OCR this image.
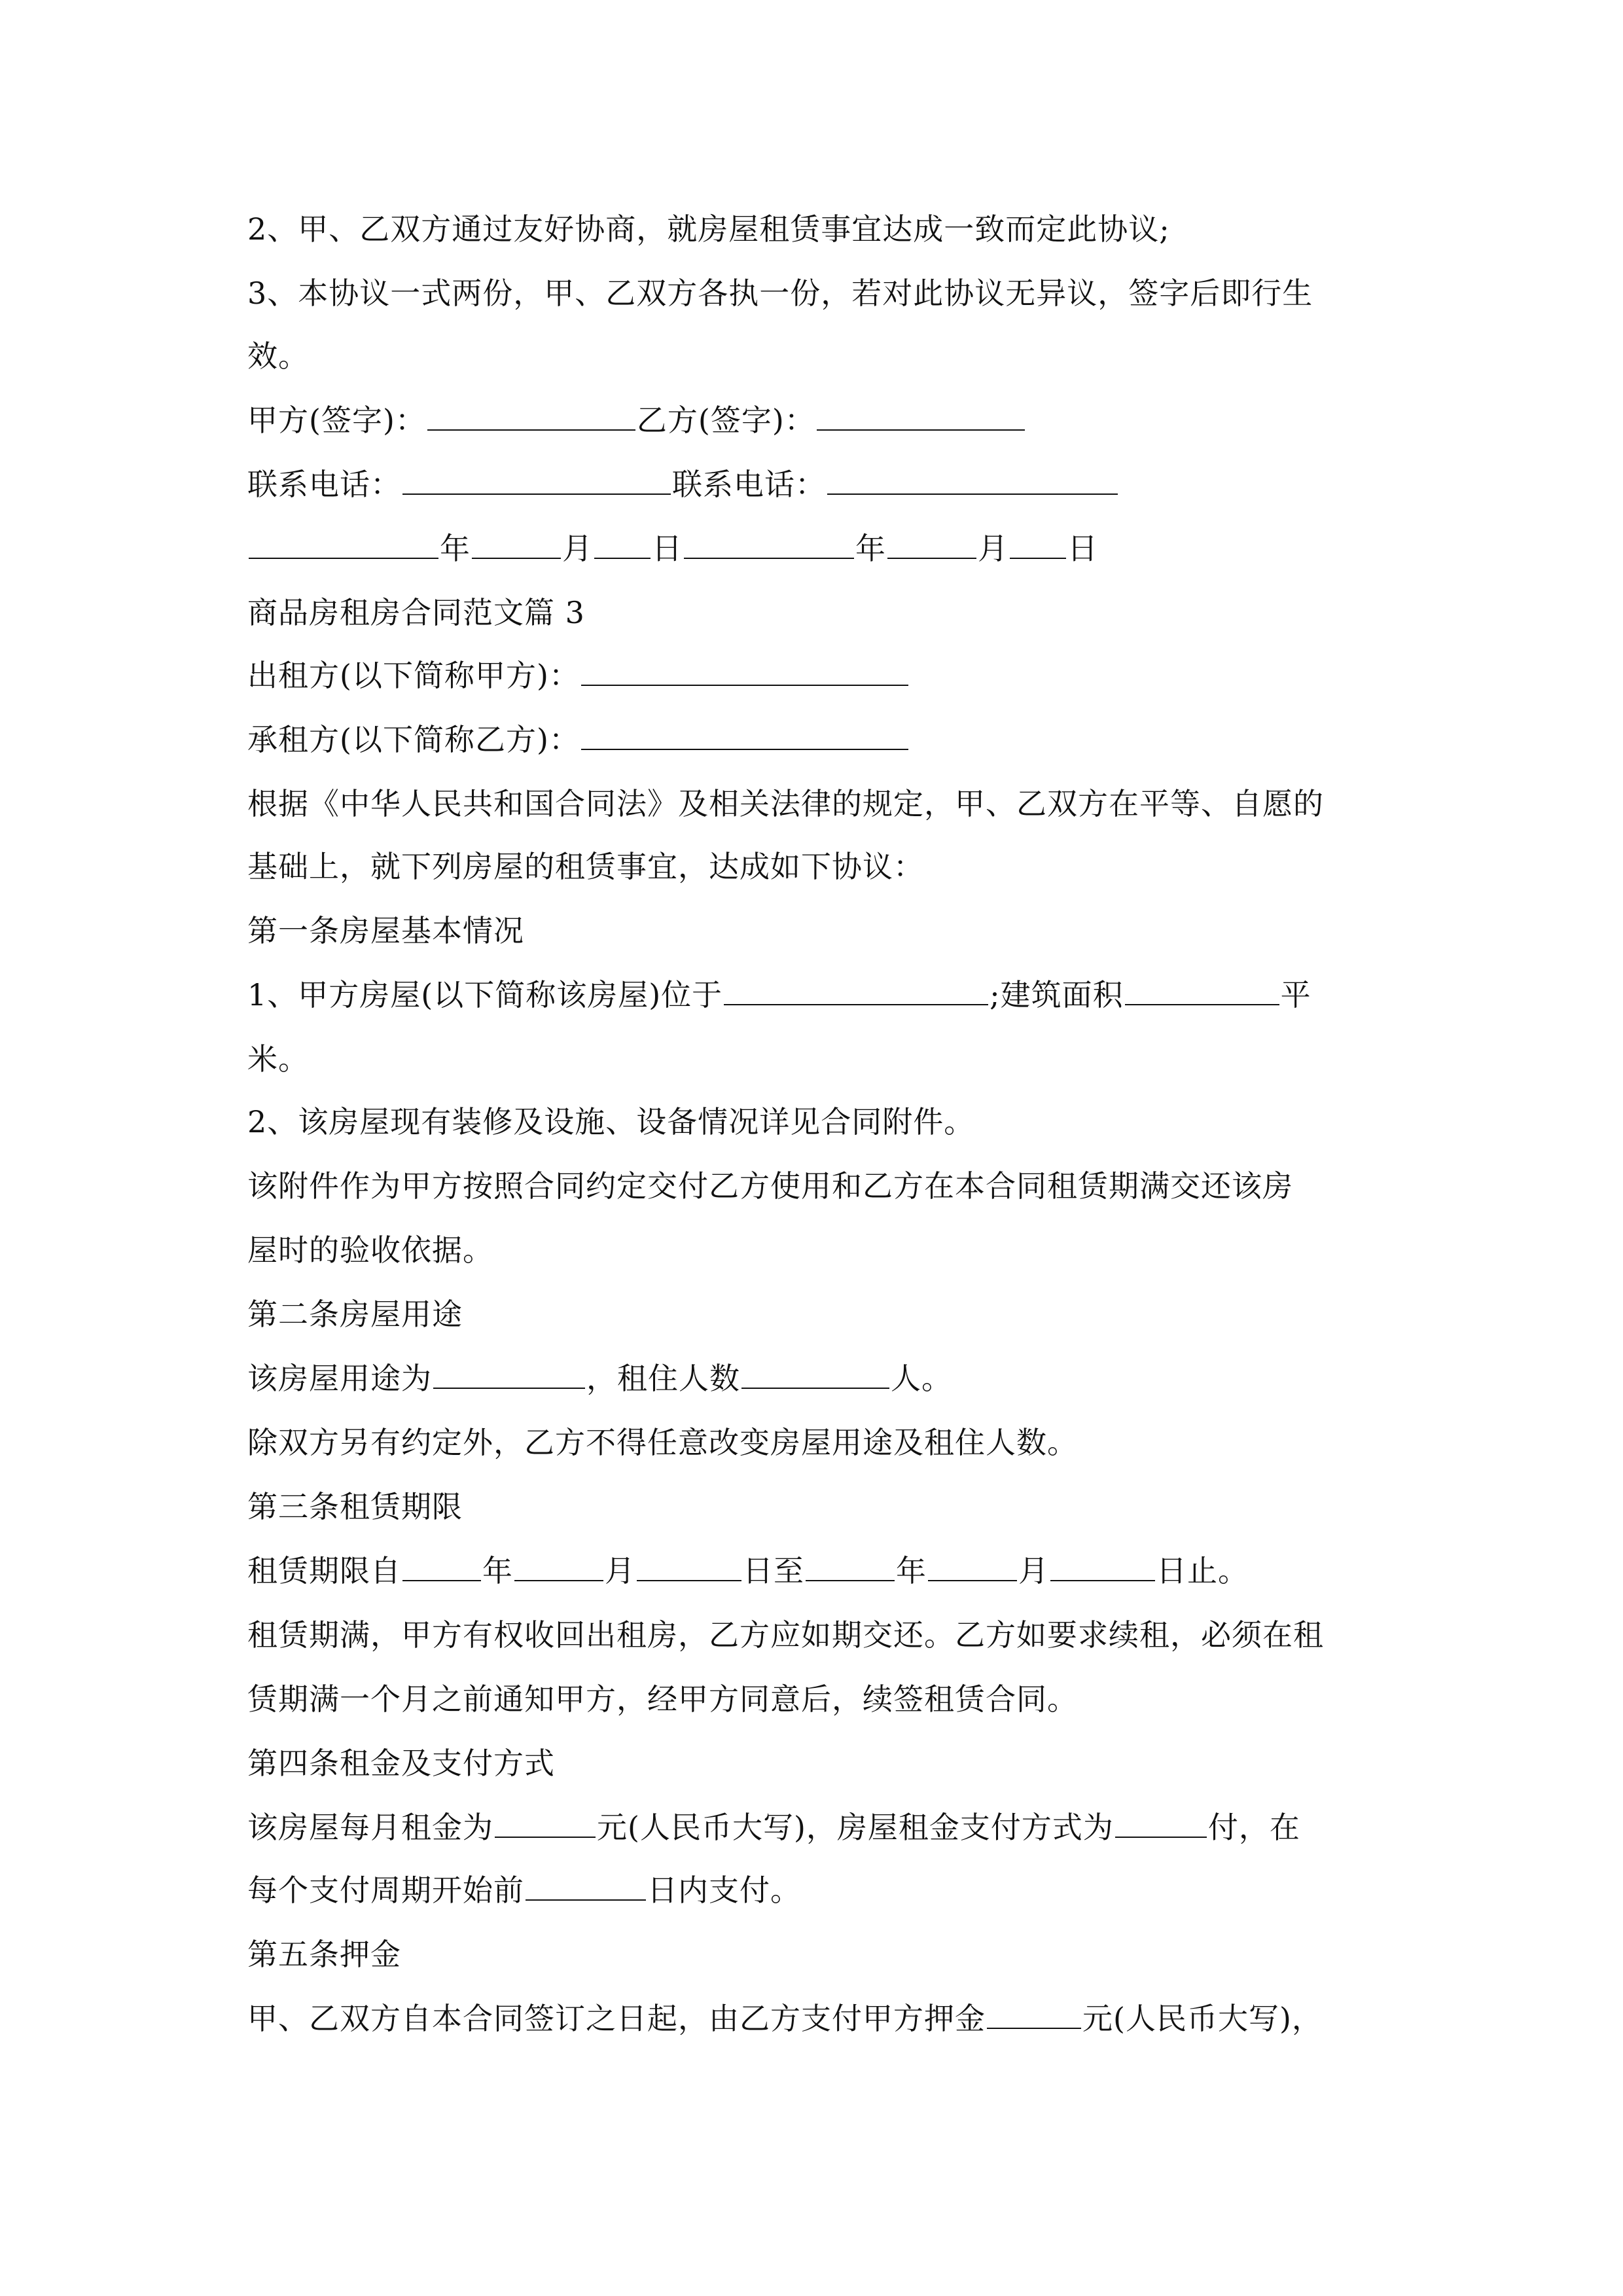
2、甲、乙双方通过友好协商，就房屋租赁事宜达成一致而定此协议;
3、本协议一式两份，甲、乙双方各执一份，若对此协议无异议，签字后即行生
效。
甲方(签字)：	乙方(签字)：
联系电话：	联系电话：
年	月 日	年	月 日
商品房租房合同范文篇 3
出租方(以下简称甲方)：
承租方(以下简称乙方)：
根据《中华人民共和国合同法》及相关法律的规定，甲、乙双方在平等、自愿的
基础上，就下列房屋的租赁事宜，达成如下协议：
第一条房屋基本情况
1、甲方房屋(以下简称该房屋)位于	;建筑面积	平
米。
2、该房屋现有装修及设施、设备情况详见合同附件。
该附件作为甲方按照合同约定交付乙方使用和乙方在本合同租赁期满交还该房
屋时的验收依据。
第二条房屋用途
该房屋用途为	，租住人数	人。
除双方另有约定外，乙方不得任意改变房屋用途及租住人数。
第三条租赁期限
租赁期限自	年	月	日至	年	月	日止。
租赁期满，甲方有权收回出租房，乙方应如期交还。乙方如要求续租，必须在租
赁期满一个月之前通知甲方，经甲方同意后，续签租赁合同。
第四条租金及支付方式
该房屋每月租金为	元(人民币大写)，房屋租金支付方式为	付，在
每个支付周期开始前	日内支付。
第五条押金
甲、乙双方自本合同签订之日起，由乙方支付甲方押金	元(人民币大写)，
